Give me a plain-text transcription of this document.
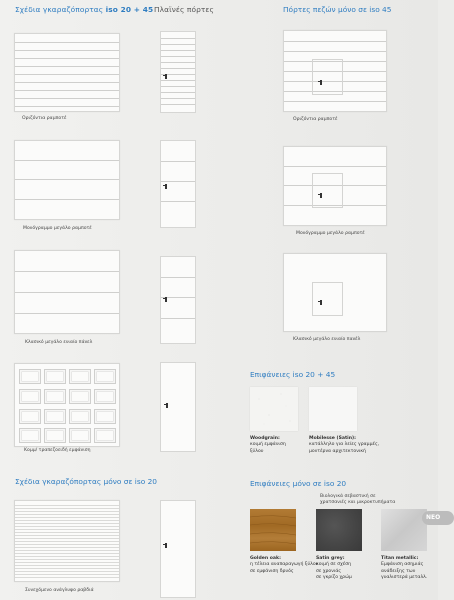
Σχέδια γκαραζόπορτας iso 20 + 45 Πλαϊνές πόρτες	Πόρτες πεζών μόνο σε iso 45
Οριζόντια ραμποτέ	Οριζόντια ραμποτέ
Μονόγραμμο μεγάλο ραμποτέ
Μονόγραμμο μεγάλο ραμποτέ
Κλασικό μεγάλο ενιαίο πάνελ
Κλασικό μεγάλο ενιαίο πανέλ
Κομμ/ τραπεζοειδή εμφάνιση
Επιφάνειες iso 20 + 45
Woodgrain:
κοιμή εμφάνιση
ξύλου
Mobilesse (Satin):
κατάλληλο για λείες γραμμές,
μοντέρνα αρχιτεκτονική
Σχέδια γκαραζόπορτας μόνο σε iso 20
Συνεχόμενο ανάγλυφο ραβδιά
Επιφάνειες μόνο σε iso 20
Βιολογικά σεβαστική σε
χρατσανιές και μικροκτυπήματα
NEO
Golden oak:
η τέλεια αναπαραγωγή ξύλου
σε εμφάνιση δρυός
Satin grey:
κοιμή σε σχέση
σε χρονιάς
σε γκρίζο χρώμ
Titan metallic:
Εμφάνιση ασημιάς
ανάδειξης των
γυαλιστερά μεταλλ.
